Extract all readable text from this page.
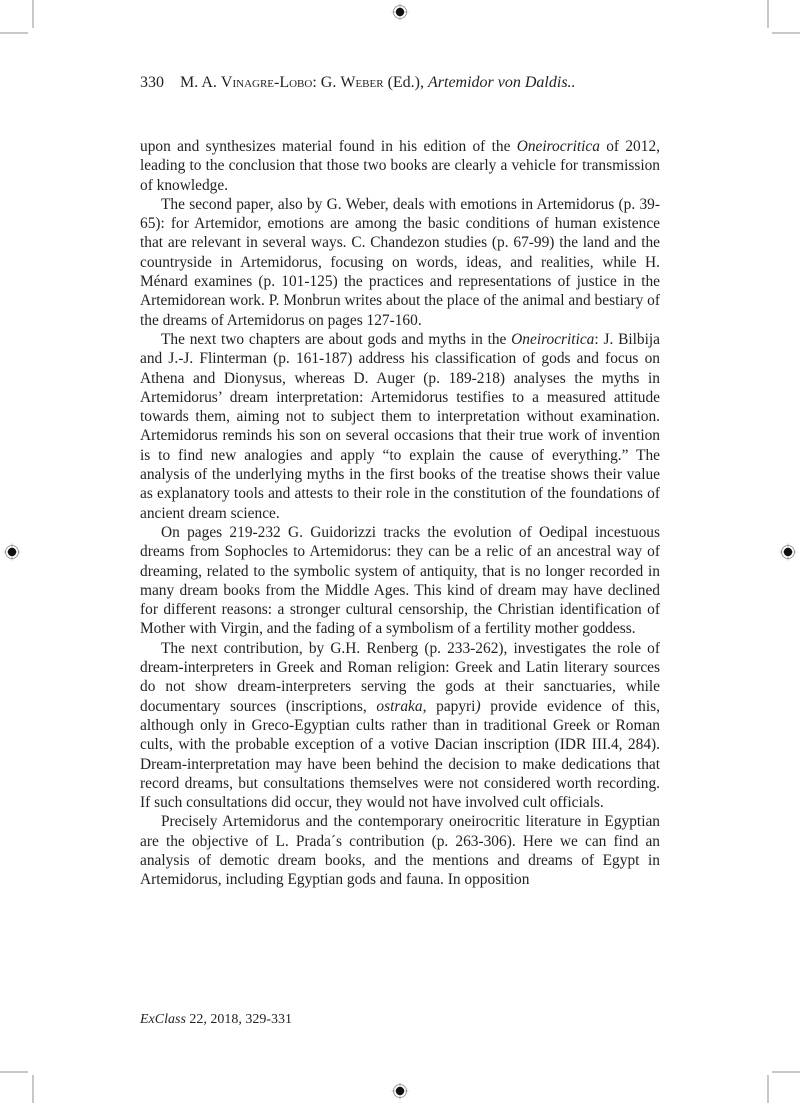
330 M. A. Vinagre-Lobo: G. Weber (Ed.), Artemidor von Daldis..

upon and synthesizes material found in his edition of the Oneirocritica of 2012, leading to the conclusion that those two books are clearly a vehicle for transmission of knowledge.

The second paper, also by G. Weber, deals with emotions in Artemidorus (p. 39-65): for Artemidor, emotions are among the basic conditions of human existence that are relevant in several ways. C. Chandezon studies (p. 67-99) the land and the countryside in Artemidorus, focusing on words, ideas, and realities, while H. Ménard examines (p. 101-125) the practices and representations of justice in the Artemidorean work. P. Monbrun writes about the place of the animal and bestiary of the dreams of Artemidorus on pages 127-160.

The next two chapters are about gods and myths in the Oneirocritica: J. Bilbija and J.-J. Flinterman (p. 161-187) address his classification of gods and focus on Athena and Dionysus, whereas D. Auger (p. 189-218) analyses the myths in Artemidorus’ dream interpretation: Artemidorus testifies to a measured attitude towards them, aiming not to subject them to interpretation without examination. Artemidorus reminds his son on several occasions that their true work of invention is to find new analogies and apply “to explain the cause of everything.” The analysis of the underlying myths in the first books of the treatise shows their value as explanatory tools and attests to their role in the constitution of the foundations of ancient dream science.

On pages 219-232 G. Guidorizzi tracks the evolution of Oedipal incestuous dreams from Sophocles to Artemidorus: they can be a relic of an ancestral way of dreaming, related to the symbolic system of antiquity, that is no longer recorded in many dream books from the Middle Ages. This kind of dream may have declined for different reasons: a stronger cultural censorship, the Christian identification of Mother with Virgin, and the fading of a symbolism of a fertility mother goddess.

The next contribution, by G.H. Renberg (p. 233-262), investigates the role of dream-interpreters in Greek and Roman religion: Greek and Latin literary sources do not show dream-interpreters serving the gods at their sanctuaries, while documentary sources (inscriptions, ostraka, papyri) provide evidence of this, although only in Greco-Egyptian cults rather than in traditional Greek or Roman cults, with the probable exception of a votive Dacian inscription (IDR III.4, 284). Dream-interpretation may have been behind the decision to make dedications that record dreams, but consultations themselves were not considered worth recording. If such consultations did occur, they would not have involved cult officials.

Precisely Artemidorus and the contemporary oneirocritic literature in Egyptian are the objective of L. Prada´s contribution (p. 263-306). Here we can find an analysis of demotic dream books, and the mentions and dreams of Egypt in Artemidorus, including Egyptian gods and fauna. In opposition

ExClass 22, 2018, 329-331
